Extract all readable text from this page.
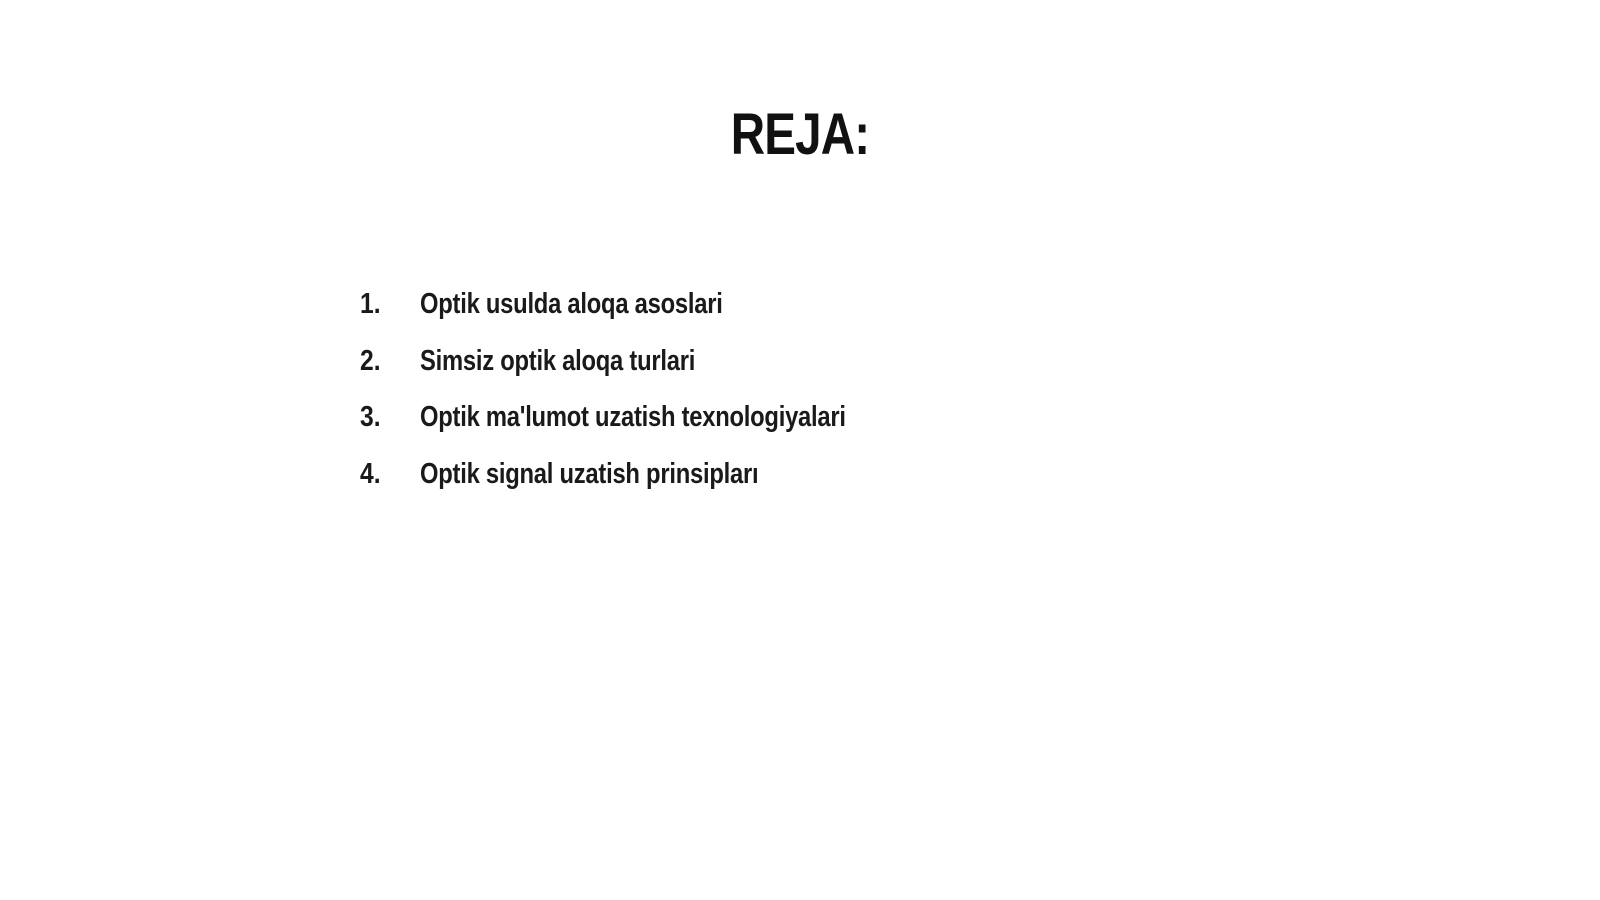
REJA:
1.	Optik usulda aloqa asoslari
2.	Simsiz optik aloqa turlari
3.	Optik ma'lumot uzatish texnologiyalari
4.	Optik signal uzatish prinsipları
